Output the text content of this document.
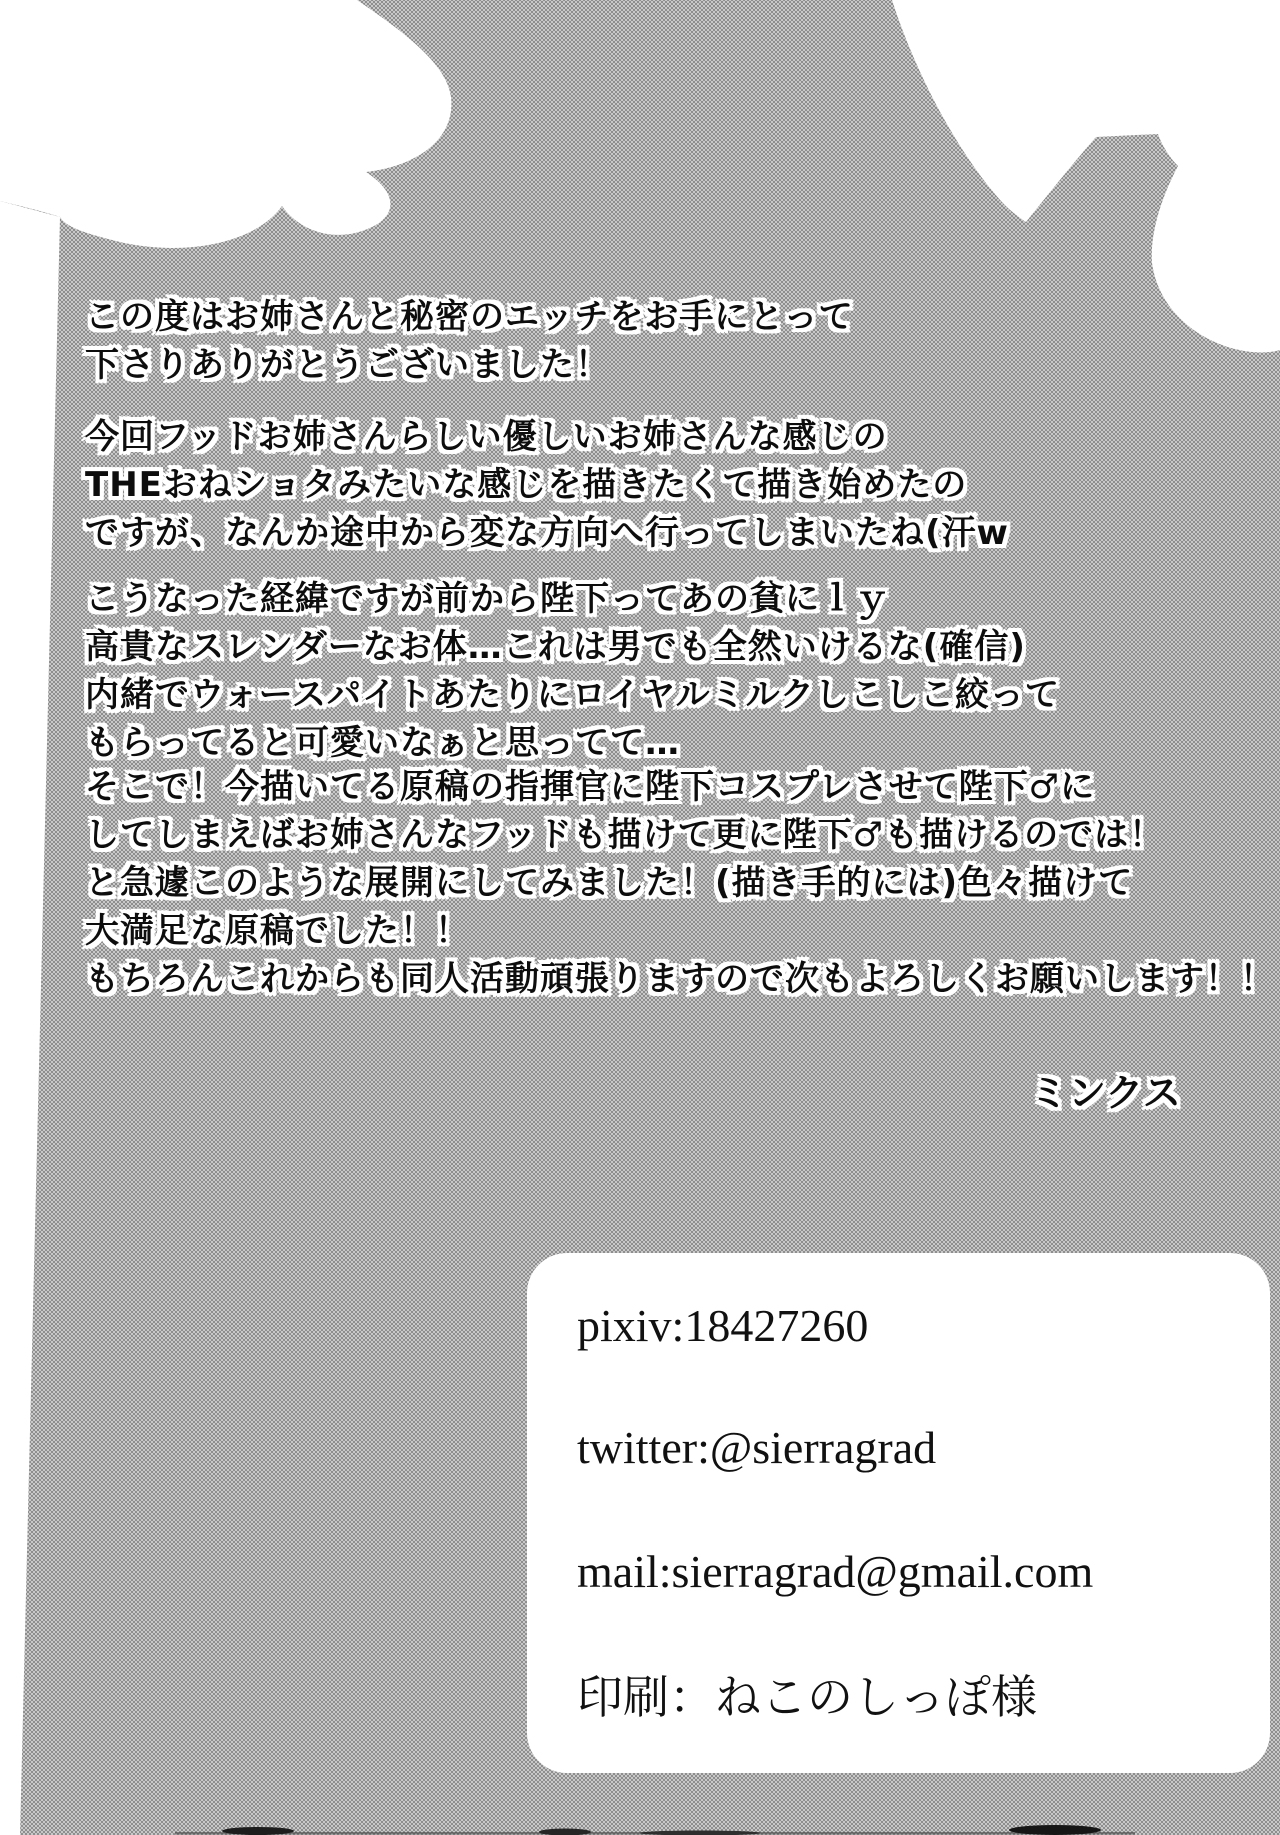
この度はお姉さんと秘密のエッチをお手にとって
下さりありがとうございました！
今回フッドお姉さんらしい優しいお姉さんな感じの
THEおねショタみたいな感じを描きたくて描き始めたの
ですが、なんか途中から変な方向へ行ってしまいたね(汗w
こうなった経緯ですが前から陛下ってあの貧にｌｙ
高貴なスレンダーなお体…これは男でも全然いけるな(確信)
内緒でウォースパイトあたりにロイヤルミルクしこしこ絞って
もらってると可愛いなぁと思ってて…
そこで！今描いてる原稿の指揮官に陛下コスプレさせて陛下♂に
してしまえばお姉さんなフッドも描けて更に陛下♂も描けるのでは！
と急遽このような展開にしてみました！(描き手的には)色々描けて
大満足な原稿でした！！
もちろんこれからも同人活動頑張りますので次もよろしくお願いします！！
ミンクス
pixiv:18427260
twitter:@sierragrad
mail:sierragrad@gmail.com
印刷：ねこのしっぽ様
